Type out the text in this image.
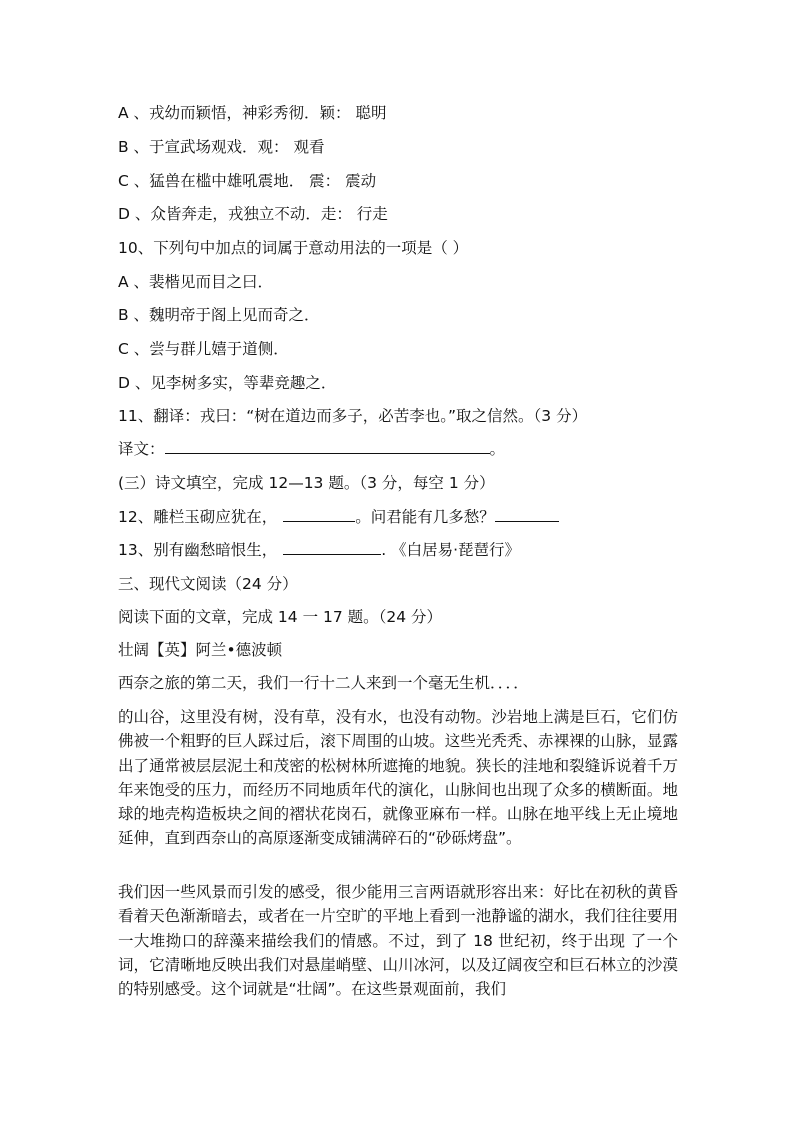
A 、戎幼而颖悟，神彩秀彻．颖： 聪明
B 、于宣武场观戏．观： 观看
C 、猛兽在槛中雄吼震地． 震： 震动
D 、众皆奔走，戎独立不动．走： 行走
10、下列句中加点的词属于意动用法的一项是（ ）
A 、裴楷见而目之曰．
B 、魏明帝于阁上见而奇之．
C 、尝与群儿嬉于道侧．
D 、见李树多实，等辈竞趣之．
11、翻译：戎曰：“树在道边而多子，必苦李也。”取之信然。（3 分）
译文：	。
(三）诗文填空，完成 12—13 题。（3 分，每空 1 分）
12、雕栏玉砌应犹在，	。问君能有几多愁？
13、别有幽愁暗恨生，	. 《白居易·琵琶行》
三、现代文阅读（24 分）
阅读下面的文章，完成 14 一 17 题。（24 分）
壮阔【英】阿兰•德波顿
西奈之旅的第二天，我们一行十二人来到一个毫无生机．．．．
的山谷，这里没有树，没有草，没有水，也没有动物。沙岩地上满是巨石，它们仿佛被一个粗野的巨人踩过后，滚下周围的山坡。这些光秃秃、赤裸裸的山脉，显露出了通常被层层泥土和茂密的松树林所遮掩的地貌。狭长的洼地和裂缝诉说着千万年来饱受的压力，而经历不同地质年代的演化，山脉间也出现了众多的横断面。地球的地壳构造板块之间的褶状花岗石，就像亚麻布一样。山脉在地平线上无止境地延伸，直到西奈山的高原逐渐变成铺满碎石的“砂砾烤盘”。
我们因一些风景而引发的感受，很少能用三言两语就形容出来：好比在初秋的黄昏看着天色渐渐暗去，或者在一片空旷的平地上看到一池静谧的湖水，我们往往要用一大堆拗口的辞藻来描绘我们的情感。不过，到了 18 世纪初，终于出现 了一个词，它清晰地反映出我们对悬崖峭壁、山川冰河，以及辽阔夜空和巨石林立的沙漠的特别感受。这个词就是“壮阔”。在这些景观面前，我们
